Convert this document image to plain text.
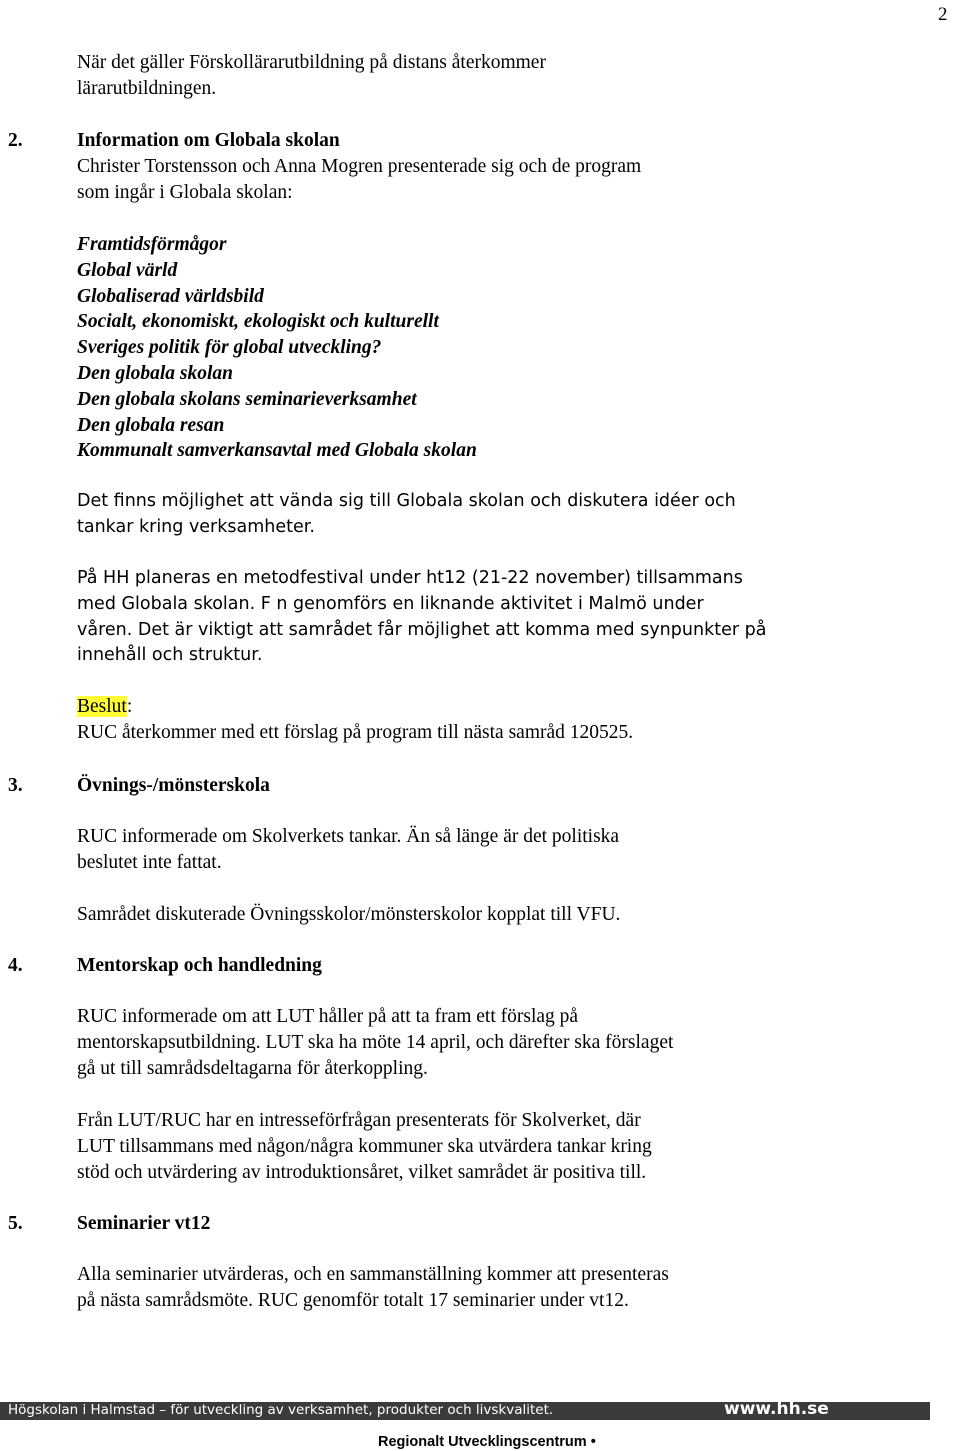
2
När det gäller Förskollärarutbildning på distans återkommer
lärarutbildningen.
2.	Information om Globala skolan
Christer Torstensson och Anna Mogren presenterade sig och de program
som ingår i Globala skolan:
Framtidsförmågor
Global värld
Globaliserad världsbild
Socialt, ekonomiskt, ekologiskt och kulturellt
Sveriges politik för global utveckling?
Den globala skolan
Den globala skolans seminarieverksamhet
Den globala resan
Kommunalt samverkansavtal med Globala skolan
Det finns möjlighet att vända sig till Globala skolan och diskutera idéer och
tankar kring verksamheter.
På HH planeras en metodfestival under ht12 (21-22 november) tillsammans
med Globala skolan. F n genomförs en liknande aktivitet i Malmö under
våren. Det är viktigt att samrådet får möjlighet att komma med synpunkter på
innehåll och struktur.
Beslut:
RUC återkommer med ett förslag på program till nästa samråd 120525.
3.	Övnings-/mönsterskola
RUC informerade om Skolverkets tankar. Än så länge är det politiska
beslutet inte fattat.
Samrådet diskuterade Övningsskolor/mönsterskolor kopplat till VFU.
4.	Mentorskap och handledning
RUC informerade om att LUT håller på att ta fram ett förslag på
mentorskapsutbildning. LUT ska ha möte 14 april, och därefter ska förslaget
gå ut till samrådsdeltagarna för återkoppling.
Från LUT/RUC har en intresseförfrågan presenterats för Skolverket, där
LUT tillsammans med någon/några kommuner ska utvärdera tankar kring
stöd och utvärdering av introduktionsåret, vilket samrådet är positiva till.
5.	Seminarier vt12
Alla seminarier utvärderas, och en sammanställning kommer att presenteras
på nästa samrådsmöte. RUC genomför totalt 17 seminarier under vt12.
Högskolan i Halmstad – för utveckling av verksamhet, produkter och livskvalitet.	www.hh.se
Regionalt Utvecklingscentrum •
